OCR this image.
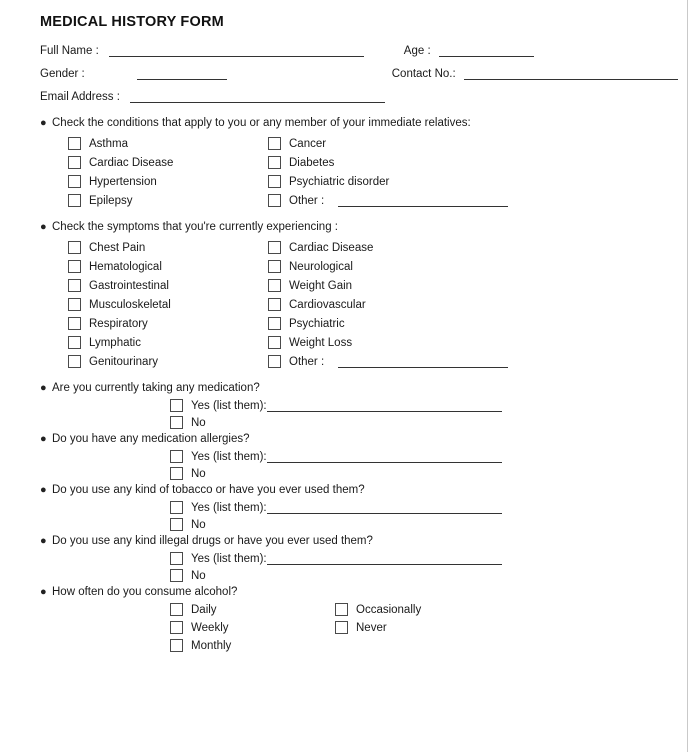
MEDICAL HISTORY FORM
Full Name :	Age :
Gender :	Contact No.:
Email Address :
● Check the conditions that apply to you or any member of your immediate relatives:
Asthma	Cancer
Cardiac Disease	Diabetes
Hypertension	Psychiatric disorder
Epilepsy	Other :
● Check the symptoms that you're currently experiencing :
Chest Pain	Cardiac Disease
Hematological	Neurological
Gastrointestinal	Weight Gain
Musculoskeletal	Cardiovascular
Respiratory	Psychiatric
Lymphatic	Weight Loss
Genitourinary	Other :
● Are you currently taking any medication?
Yes (list them):
No
● Do you have any medication allergies?
Yes (list them):
No
● Do you use any kind of tobacco or have you ever used them?
Yes (list them):
No
● Do you use any kind illegal drugs or have you ever used them?
Yes (list them):
No
● How often do you consume alcohol?
Daily	Occasionally
Weekly	Never
Monthly
